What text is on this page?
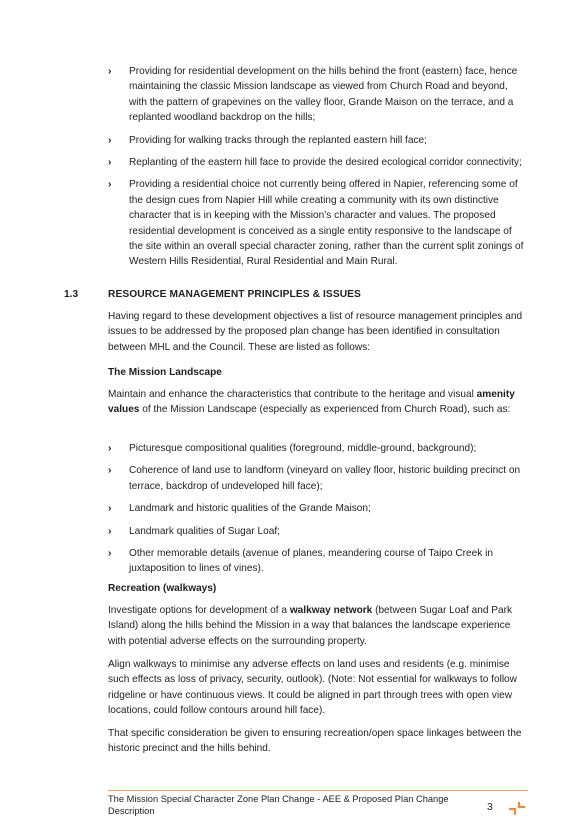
› Providing for residential development on the hills behind the front (eastern) face, hence maintaining the classic Mission landscape as viewed from Church Road and beyond, with the pattern of grapevines on the valley floor, Grande Maison on the terrace, and a replanted woodland backdrop on the hills;
› Providing for walking tracks through the replanted eastern hill face;
› Replanting of the eastern hill face to provide the desired ecological corridor connectivity;
› Providing a residential choice not currently being offered in Napier, referencing some of the design cues from Napier Hill while creating a community with its own distinctive character that is in keeping with the Mission’s character and values. The proposed residential development is conceived as a single entity responsive to the landscape of the site within an overall special character zoning, rather than the current split zonings of Western Hills Residential, Rural Residential and Main Rural.
1.3	RESOURCE MANAGEMENT PRINCIPLES & ISSUES

Having regard to these development objectives a list of resource management principles and issues to be addressed by the proposed plan change has been identified in consultation between MHL and the Council. These are listed as follows:

The Mission Landscape

Maintain and enhance the characteristics that contribute to the heritage and visual amenity values of the Mission Landscape (especially as experienced from Church Road), such as:

› Picturesque compositional qualities (foreground, middle-ground, background);
› Coherence of land use to landform (vineyard on valley floor, historic building precinct on terrace, backdrop of undeveloped hill face);
› Landmark and historic qualities of the Grande Maison;
› Landmark qualities of Sugar Loaf;
› Other memorable details (avenue of planes, meandering course of Taipo Creek in juxtaposition to lines of vines).

Recreation (walkways)

Investigate options for development of a walkway network (between Sugar Loaf and Park Island) along the hills behind the Mission in a way that balances the landscape experience with potential adverse effects on the surrounding property.

Align walkways to minimise any adverse effects on land uses and residents (e.g. minimise such effects as loss of privacy, security, outlook). (Note: Not essential for walkways to follow ridgeline or have continuous views. It could be aligned in part through trees with open view locations, could follow contours around hill face).

That specific consideration be given to ensuring recreation/open space linkages between the historic precinct and the hills behind.

The Mission Special Character Zone Plan Change - AEE & Proposed Plan Change Description	3
